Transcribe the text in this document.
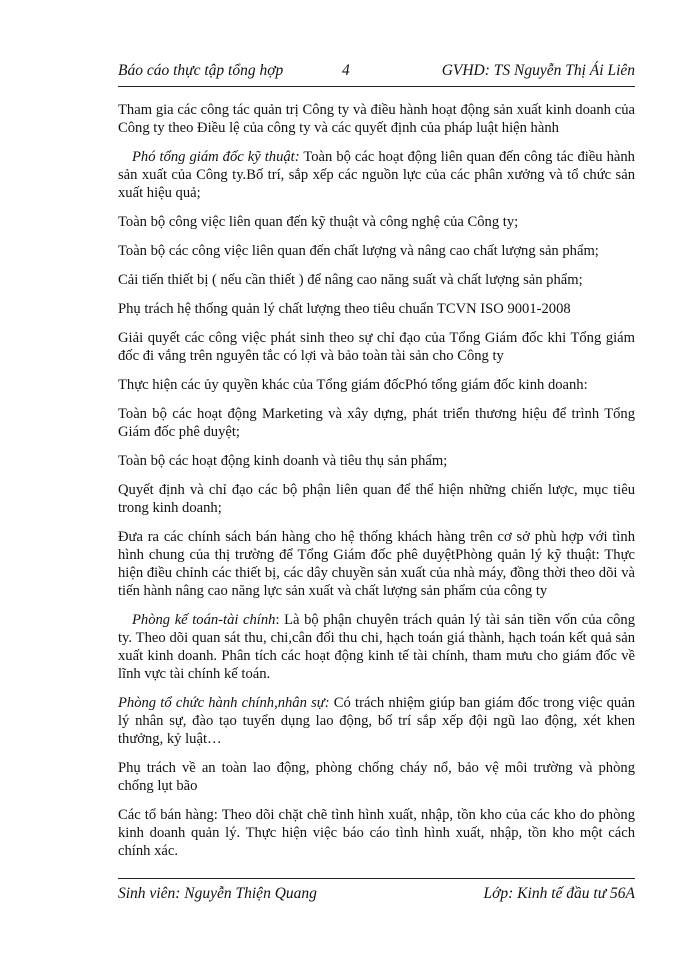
Báo cáo thực tập tổng hợp	4	GVHD: TS Nguyễn Thị Ái Liên

Tham gia các công tác quản trị Công ty và điều hành hoạt động sản xuất kinh doanh của Công ty theo Điều lệ của công ty và các quyết định của pháp luật hiện hành

Phó tổng giám đốc kỹ thuật: Toàn bộ các hoạt động liên quan đến công tác điều hành sản xuất của Công ty.Bố trí, sắp xếp các nguồn lực của các phân xưởng và tổ chức sản xuất hiệu quả;

Toàn bộ công việc liên quan đến kỹ thuật và công nghệ của Công ty;

Toàn bộ các công việc liên quan đến chất lượng và nâng cao chất lượng sản phẩm;

Cải tiến thiết bị ( nếu cần thiết ) để nâng cao năng suất và chất lượng sản phẩm;

Phụ trách hệ thống quản lý chất lượng theo tiêu chuẩn TCVN ISO 9001-2008

Giải quyết các công việc phát sinh theo sự chỉ đạo của Tổng Giám đốc khi Tổng giám đốc đi vắng trên nguyên tắc có lợi và bảo toàn tài sản cho Công ty

Thực hiện các ủy quyền khác của Tổng giám đốcPhó tổng giám đốc kinh doanh:

Toàn bộ các hoạt động Marketing và xây dựng, phát triển thương hiệu để trình Tổng Giám đốc phê duyệt;

Toàn bộ các hoạt động kinh doanh và tiêu thụ sản phẩm;

Quyết định và chỉ đạo các bộ phận liên quan để thể hiện những chiến lược, mục tiêu trong kinh doanh;

Đưa ra các chính sách bán hàng cho hệ thống khách hàng trên cơ sở phù hợp với tình hình chung của thị trường để Tổng Giám đốc phê duyệtPhòng quản lý kỹ thuật: Thực hiện điều chỉnh các thiết bị, các dây chuyền sản xuất của nhà máy, đồng thời theo dõi và tiến hành nâng cao năng lực sản xuất và chất lượng sản phẩm của công ty

Phòng kế toán-tài chính: Là bộ phận chuyên trách quản lý tài sản tiền vốn của công ty. Theo dõi quan sát thu, chi,cân đối thu chi, hạch toán giá thành, hạch toán kết quả sản xuất kinh doanh. Phân tích các hoạt động kinh tế tài chính, tham mưu cho giám đốc về lĩnh vực tài chính kế toán.

Phòng tổ chức hành chính,nhân sự: Có trách nhiệm giúp ban giám đốc trong việc quản lý nhân sự, đào tạo tuyển dụng lao động, bố trí sắp xếp đội ngũ lao động, xét khen thưởng, kỷ luật…

Phụ trách về an toàn lao động, phòng chống cháy nổ, bảo vệ môi trường và phòng chống lụt bão

Các tổ bán hàng: Theo dõi chặt chẽ tình hình xuất, nhập, tồn kho của các kho do phòng kinh doanh quản lý. Thực hiện việc báo cáo tình hình xuất, nhập, tồn kho một cách chính xác.

Sinh viên: Nguyễn Thiện Quang	Lớp: Kinh tế đầu tư 56A
